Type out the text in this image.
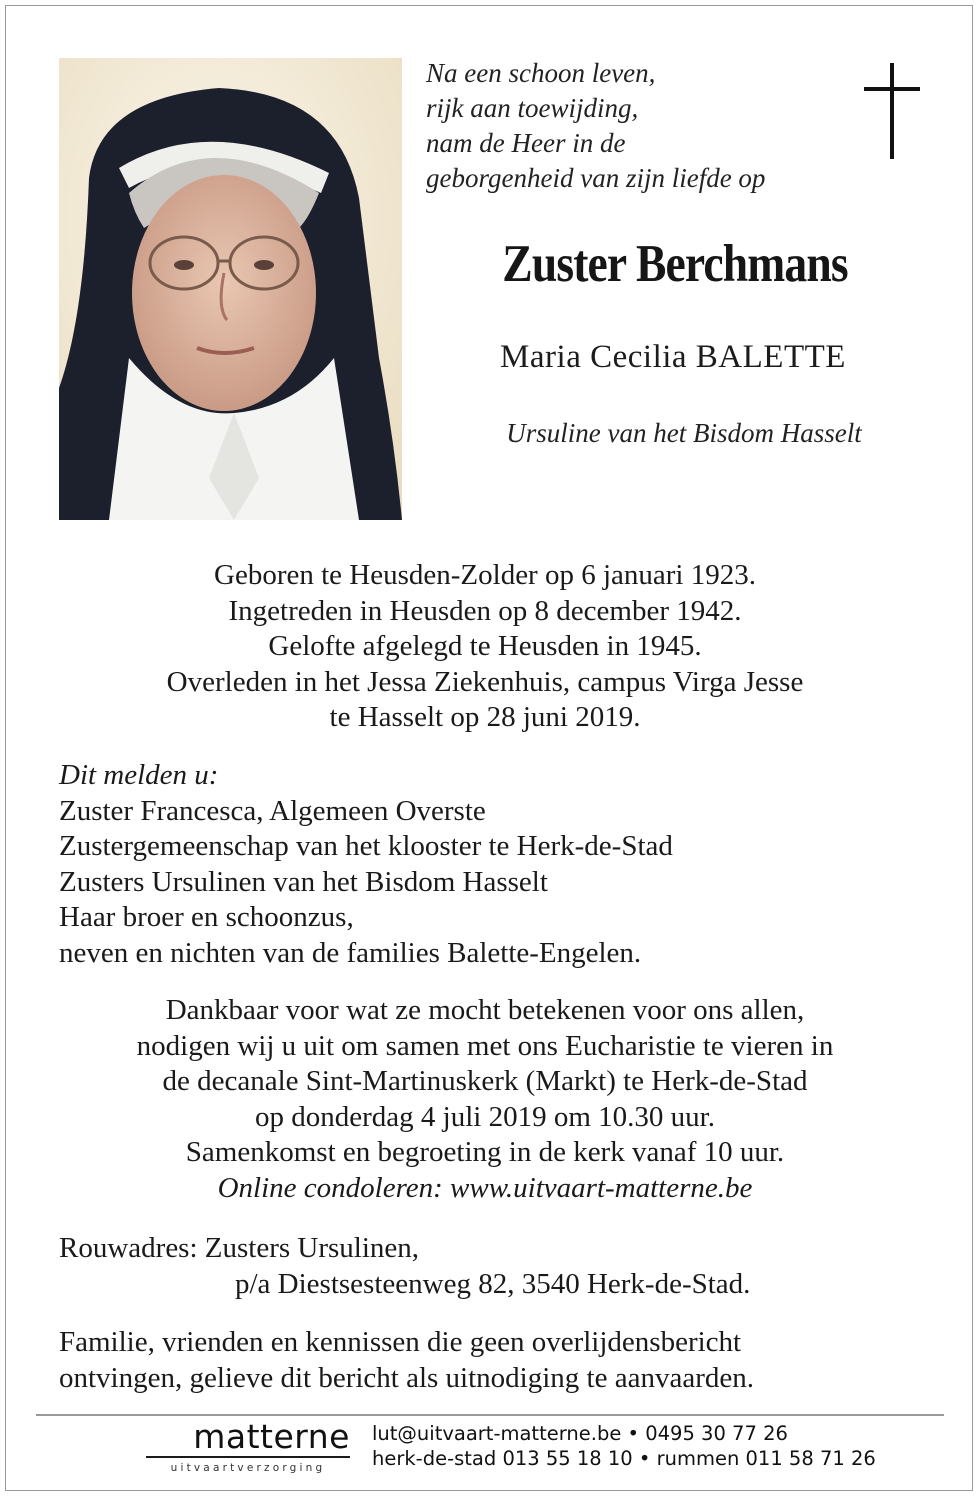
Na een schoon leven,
rijk aan toewijding,
nam de Heer in de
geborgenheid van zijn liefde op
Zuster Berchmans
Maria Cecilia BALETTE
Ursuline van het Bisdom Hasselt
Geboren te Heusden-Zolder op 6 januari 1923.
Ingetreden in Heusden op 8 december 1942.
Gelofte afgelegd te Heusden in 1945.
Overleden in het Jessa Ziekenhuis, campus Virga Jesse
te Hasselt op 28 juni 2019.
Dit melden u:
Zuster Francesca, Algemeen Overste
Zustergemeenschap van het klooster te Herk-de-Stad
Zusters Ursulinen van het Bisdom Hasselt
Haar broer en schoonzus,
neven en nichten van de families Balette-Engelen.
Dankbaar voor wat ze mocht betekenen voor ons allen,
nodigen wij u uit om samen met ons Eucharistie te vieren in
de decanale Sint-Martinuskerk (Markt) te Herk-de-Stad
op donderdag 4 juli 2019 om 10.30 uur.
Samenkomst en begroeting in de kerk vanaf 10 uur.
Online condoleren: www.uitvaart-matterne.be
Rouwadres: Zusters Ursulinen,
p/a Diestsesteenweg 82, 3540 Herk-de-Stad.
Familie, vrienden en kennissen die geen overlijdensbericht
ontvingen, gelieve dit bericht als uitnodiging te aanvaarden.
matterne
uitvaartverzorging
lut@uitvaart-matterne.be • 0495 30 77 26
herk-de-stad 013 55 18 10 • rummen 011 58 71 26
